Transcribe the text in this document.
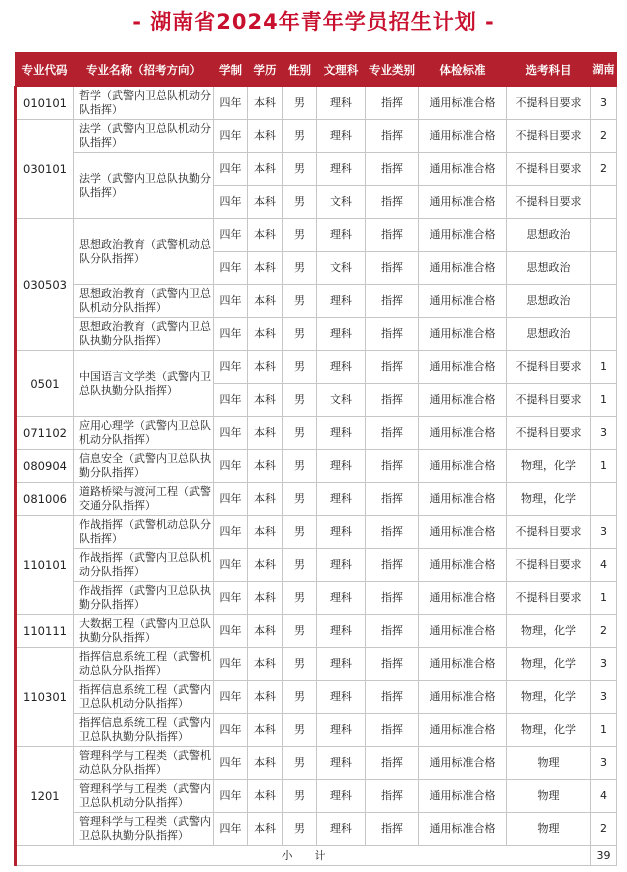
- 湖南省2024年青年学员招生计划 -
专业代码	专业名称（招考方向）	学制	学历	性别	文理科	专业类别	体检标准	选考科目	湖南
010101	哲学（武警内卫总队机动分队指挥）	四年	本科	男	理科	指挥	通用标准合格	不提科目要求	3
030101	法学（武警内卫总队机动分队指挥）	四年	本科	男	理科	指挥	通用标准合格	不提科目要求	2
	法学（武警内卫总队执勤分队指挥）	四年	本科	男	理科	指挥	通用标准合格	不提科目要求	2
		四年	本科	男	文科	指挥	通用标准合格	不提科目要求	
030503	思想政治教育（武警机动总队分队指挥）	四年	本科	男	理科	指挥	通用标准合格	思想政治	
		四年	本科	男	文科	指挥	通用标准合格	思想政治	
	思想政治教育（武警内卫总队机动分队指挥）	四年	本科	男	理科	指挥	通用标准合格	思想政治	
	思想政治教育（武警内卫总队执勤分队指挥）	四年	本科	男	理科	指挥	通用标准合格	思想政治	
0501	中国语言文学类（武警内卫总队执勤分队指挥）	四年	本科	男	理科	指挥	通用标准合格	不提科目要求	1
		四年	本科	男	文科	指挥	通用标准合格	不提科目要求	1
071102	应用心理学（武警内卫总队机动分队指挥）	四年	本科	男	理科	指挥	通用标准合格	不提科目要求	3
080904	信息安全（武警内卫总队执勤分队指挥）	四年	本科	男	理科	指挥	通用标准合格	物理，化学	1
081006	道路桥梁与渡河工程（武警交通分队指挥）	四年	本科	男	理科	指挥	通用标准合格	物理，化学	
110101	作战指挥（武警机动总队分队指挥）	四年	本科	男	理科	指挥	通用标准合格	不提科目要求	3
	作战指挥（武警内卫总队机动分队指挥）	四年	本科	男	理科	指挥	通用标准合格	不提科目要求	4
	作战指挥（武警内卫总队执勤分队指挥）	四年	本科	男	理科	指挥	通用标准合格	不提科目要求	1
110111	大数据工程（武警内卫总队执勤分队指挥）	四年	本科	男	理科	指挥	通用标准合格	物理，化学	2
110301	指挥信息系统工程（武警机动总队分队指挥）	四年	本科	男	理科	指挥	通用标准合格	物理，化学	3
	指挥信息系统工程（武警内卫总队机动分队指挥）	四年	本科	男	理科	指挥	通用标准合格	物理，化学	3
	指挥信息系统工程（武警内卫总队执勤分队指挥）	四年	本科	男	理科	指挥	通用标准合格	物理，化学	1
1201	管理科学与工程类（武警机动总队分队指挥）	四年	本科	男	理科	指挥	通用标准合格	物理	3
	管理科学与工程类（武警内卫总队机动分队指挥）	四年	本科	男	理科	指挥	通用标准合格	物理	4
	管理科学与工程类（武警内卫总队执勤分队指挥）	四年	本科	男	理科	指挥	通用标准合格	物理	2
小　　计									39
